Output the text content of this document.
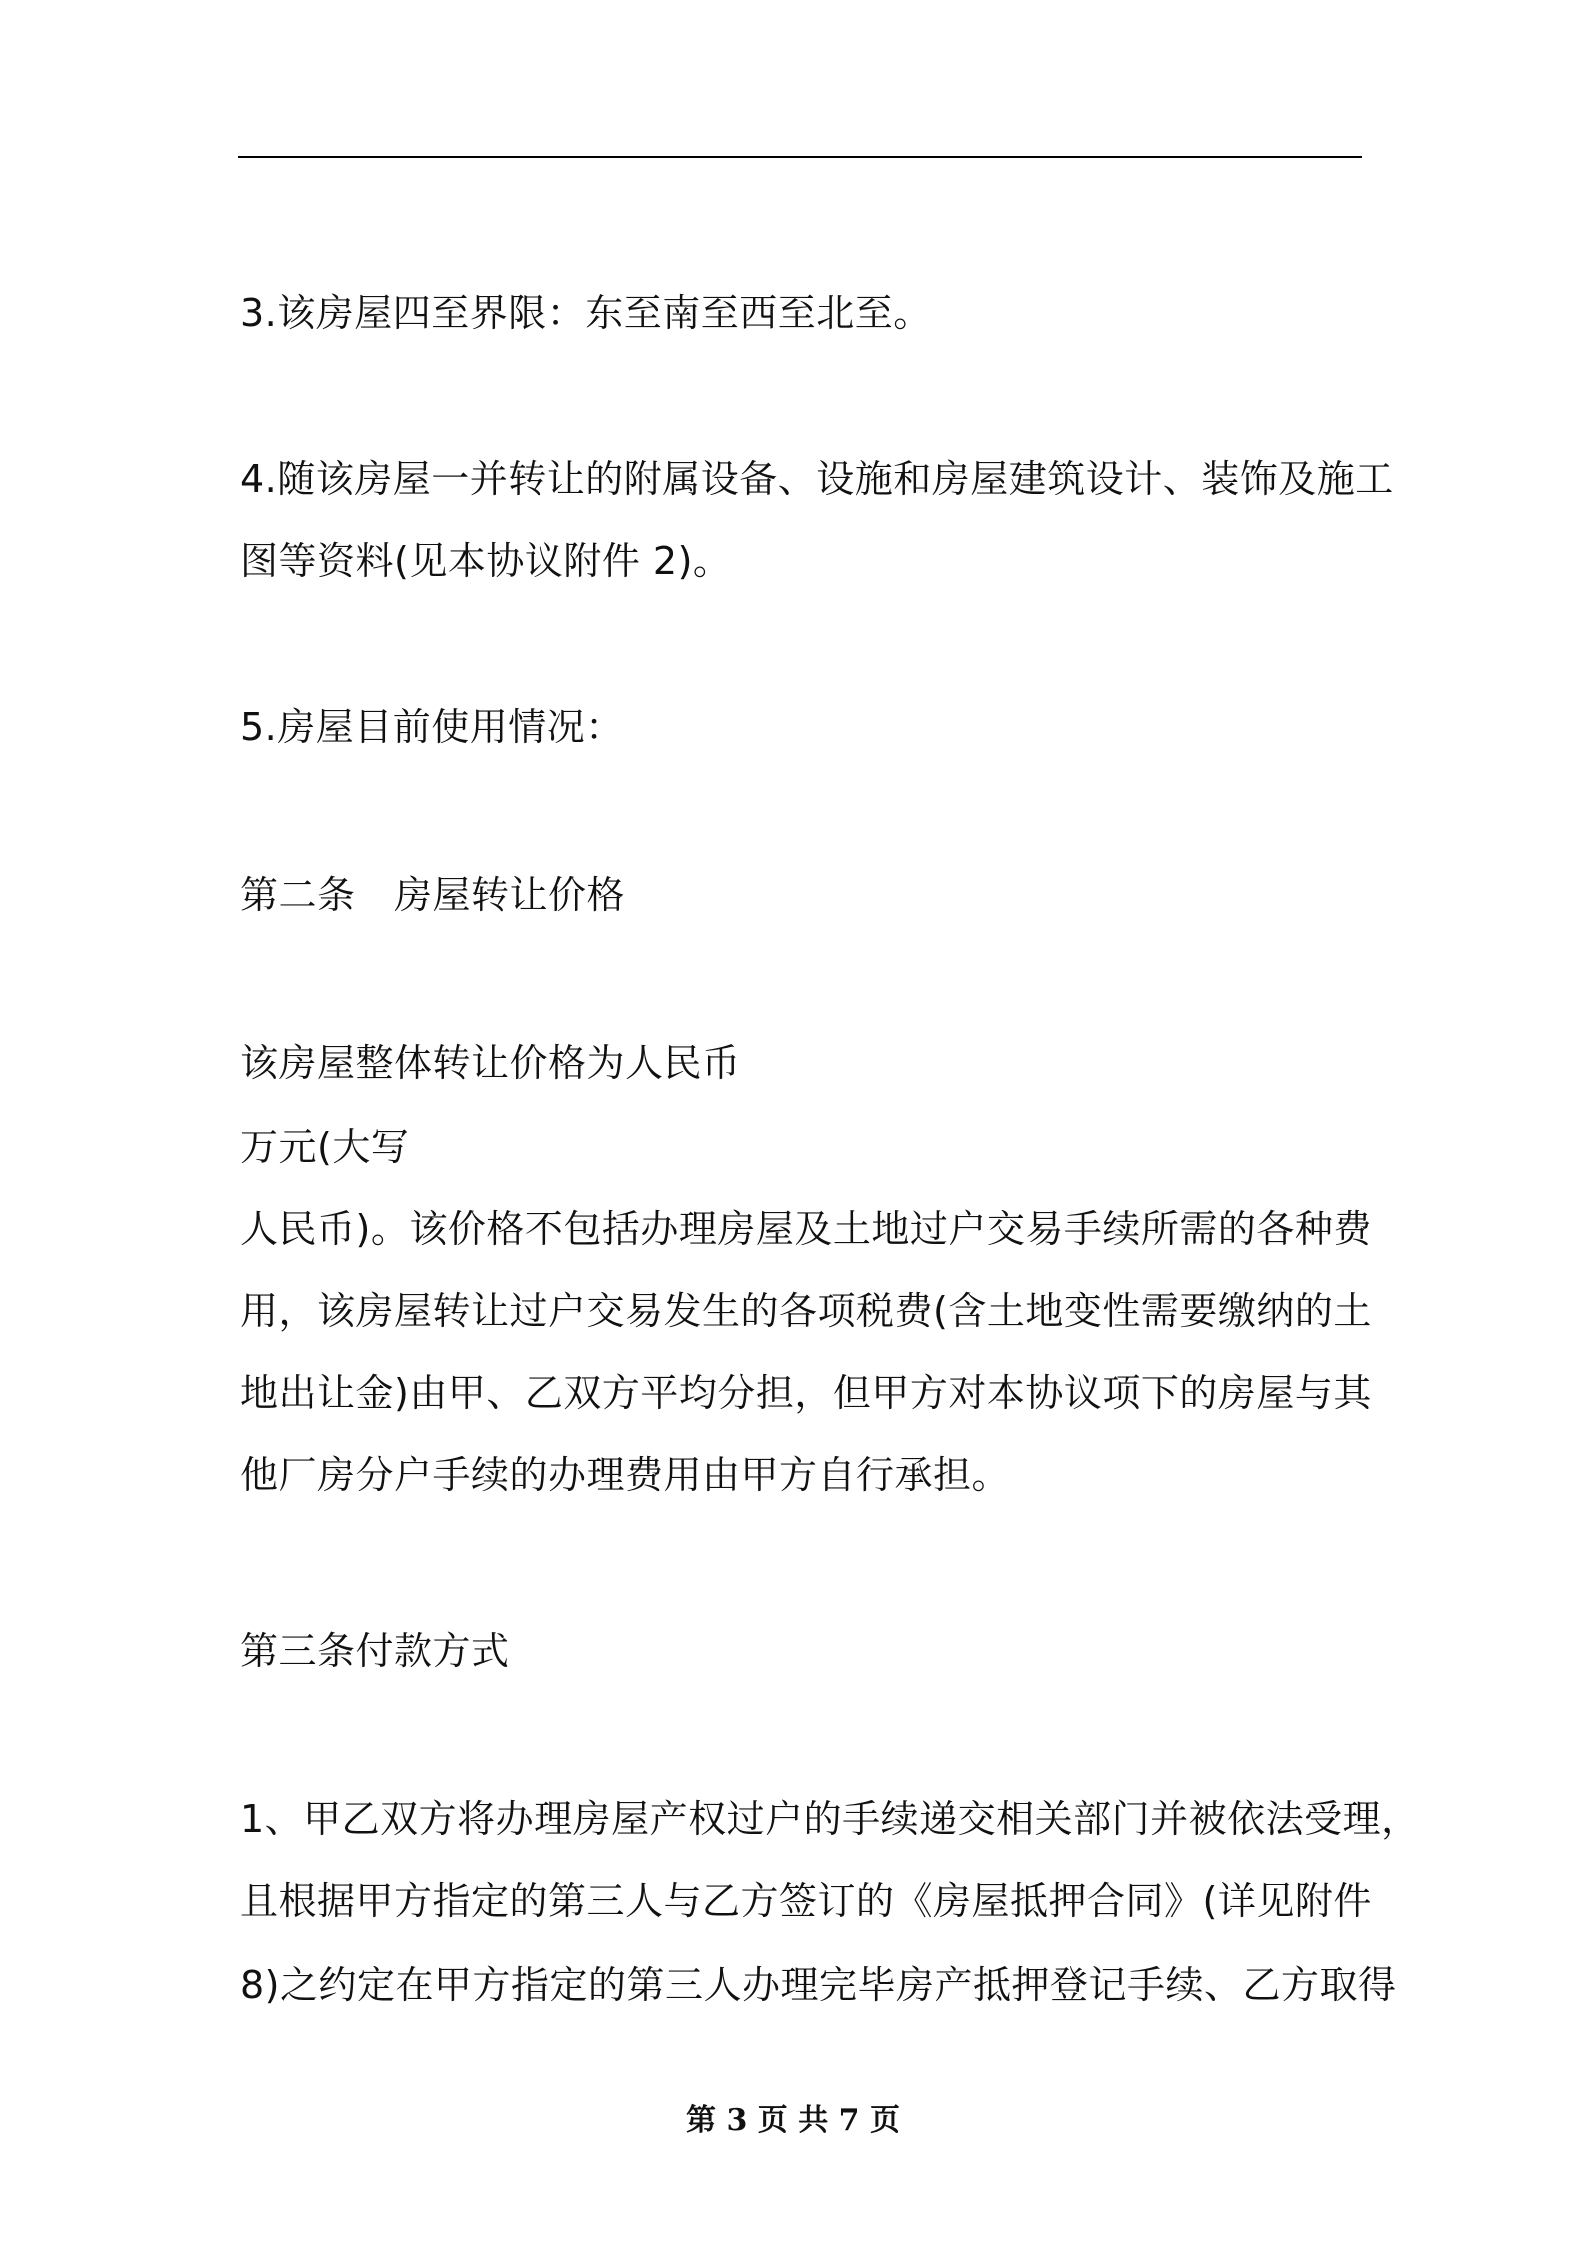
3.该房屋四至界限：东至南至西至北至。

4.随该房屋一并转让的附属设备、设施和房屋建筑设计、装饰及施工

图等资料(见本协议附件 2)。

5.房屋目前使用情况：

第二条　房屋转让价格

该房屋整体转让价格为人民币

万元(大写

人民币)。该价格不包括办理房屋及土地过户交易手续所需的各种费

用，该房屋转让过户交易发生的各项税费(含土地变性需要缴纳的土

地出让金)由甲、乙双方平均分担，但甲方对本协议项下的房屋与其

他厂房分户手续的办理费用由甲方自行承担。

第三条付款方式

1、甲乙双方将办理房屋产权过户的手续递交相关部门并被依法受理，

且根据甲方指定的第三人与乙方签订的《房屋抵押合同》(详见附件

8)之约定在甲方指定的第三人办理完毕房产抵押登记手续、乙方取得

第 3 页 共 7 页
